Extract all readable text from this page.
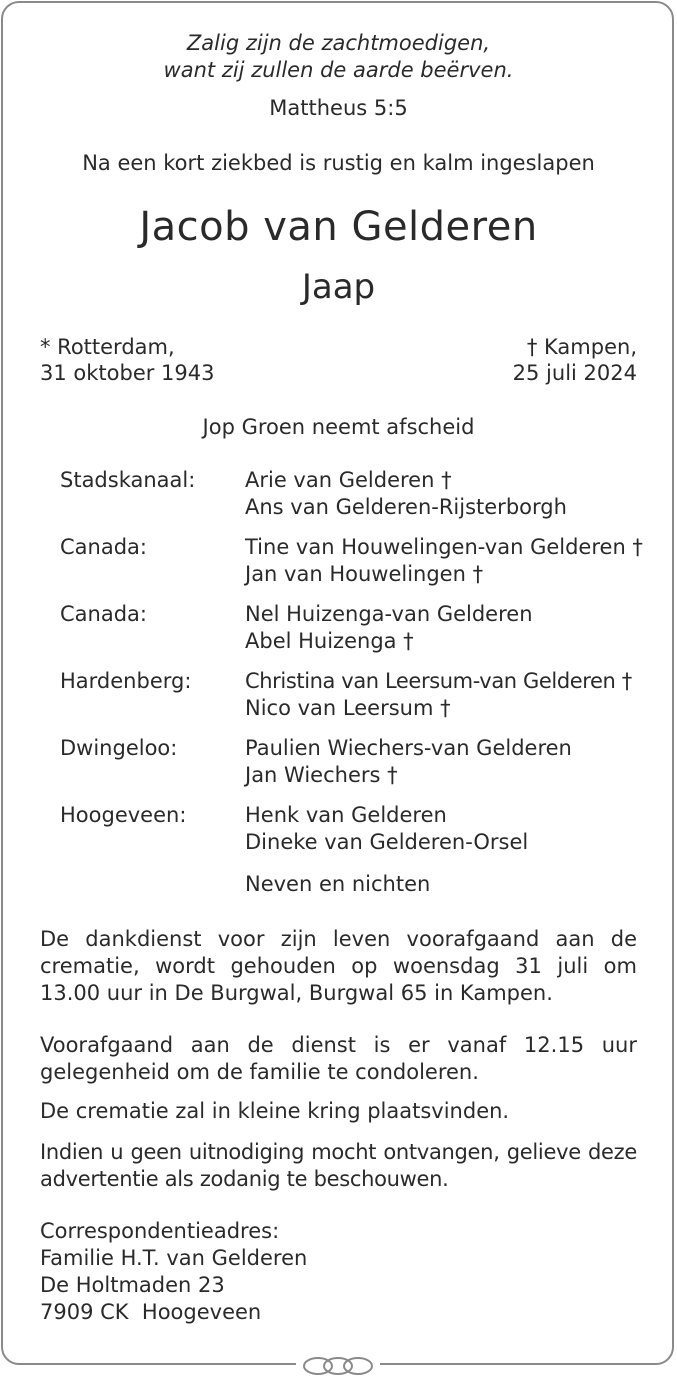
Zalig zijn de zachtmoedigen,
want zij zullen de aarde beërven.
Mattheus 5:5
Na een kort ziekbed is rustig en kalm ingeslapen
Jacob van Gelderen
Jaap
* Rotterdam,
31 oktober 1943
† Kampen,
25 juli 2024
Jop Groen neemt afscheid
Stadskanaal:	Arie van Gelderen †
Ans van Gelderen-Rijsterborgh
Canada:	Tine van Houwelingen-van Gelderen †
Jan van Houwelingen †
Canada:	Nel Huizenga-van Gelderen
Abel Huizenga †
Hardenberg:	Christina van Leersum-van Gelderen †
Nico van Leersum †
Dwingeloo:	Paulien Wiechers-van Gelderen
Jan Wiechers †
Hoogeveen:	Henk van Gelderen
Dineke van Gelderen-Orsel
Neven en nichten
De dankdienst voor zijn leven voorafgaand aan de crematie, wordt gehouden op woensdag 31 juli om 13.00 uur in De Burgwal, Burgwal 65 in Kampen.
Voorafgaand aan de dienst is er vanaf 12.15 uur gelegenheid om de familie te condoleren.
De crematie zal in kleine kring plaatsvinden.
Indien u geen uitnodiging mocht ontvangen, gelieve deze advertentie als zodanig te beschouwen.
Correspondentieadres:
Familie H.T. van Gelderen
De Holtmaden 23
7909 CK  Hoogeveen
